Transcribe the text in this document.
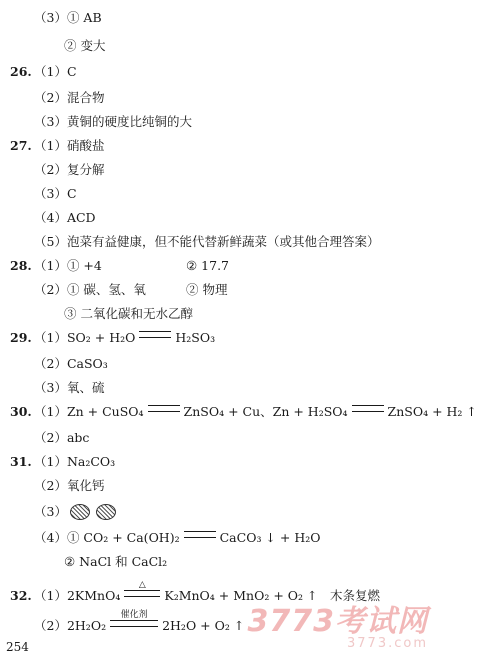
（3）① AB
② 变大
26. （1）C
（2）混合物
（3）黄铜的硬度比纯铜的大
27. （1）硝酸盐
（2）复分解
（3）C
（4）ACD
（5）泡菜有益健康，但不能代替新鲜蔬菜（或其他合理答案）
28. （1）① +4	② 17.7
（2）① 碳、氢、氧	② 物理
③ 二氧化碳和无水乙醇
29. （1）SO₂ + H₂O	H₂SO₃
（2）CaSO₃
（3）氧、硫
30. （1）Zn + CuSO₄	ZnSO₄ + Cu、Zn + H₂SO₄	ZnSO₄ + H₂ ↑
（2）abc
31. （1）Na₂CO₃
（2）氧化钙
（3）
（4）① CO₂ + Ca(OH)₂	CaCO₃ ↓ + H₂O
② NaCl 和 CaCl₂
32. （1）2KMnO₄
△
K₂MnO₄ + MnO₂ + O₂ ↑ 木条复燃
（2）2H₂O₂
催化剂
2H₂O + O₂ ↑
254
3773考试网
3773.com
